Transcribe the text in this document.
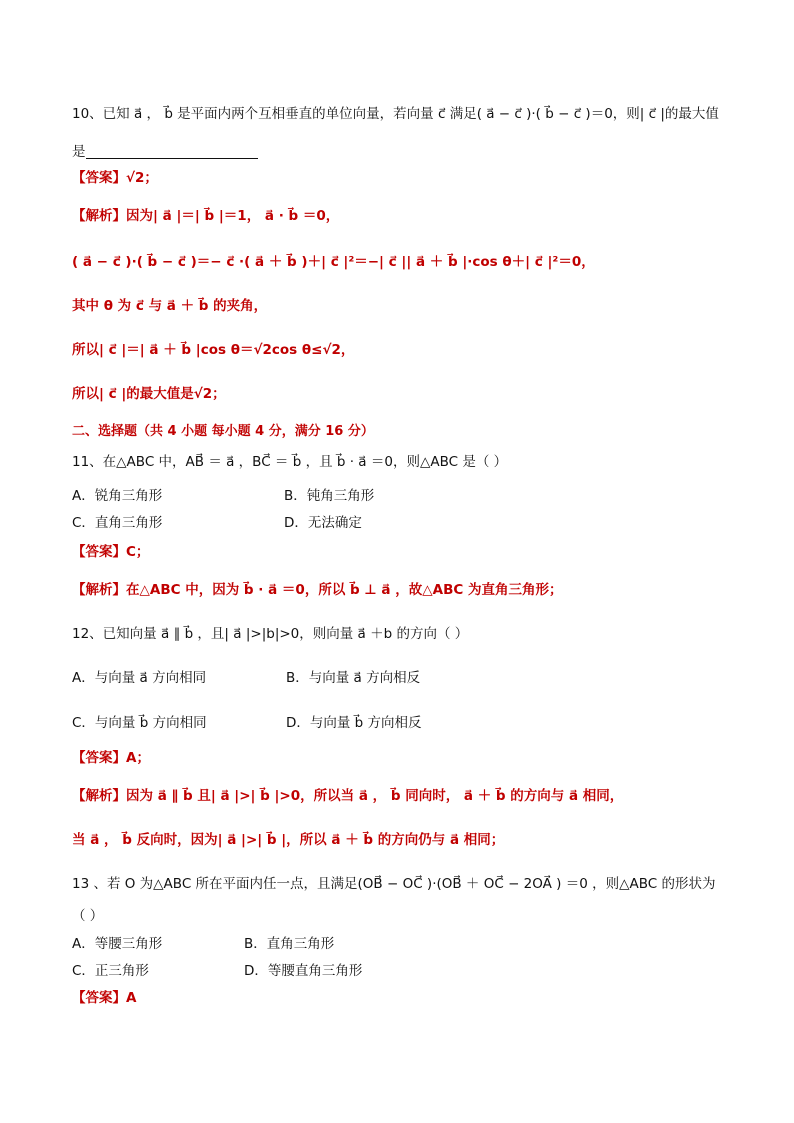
10、已知 a⃗ ， b⃗ 是平面内两个互相垂直的单位向量，若向量 c⃗ 满足( a⃗ − c⃗ )·( b⃗ − c⃗ )＝0，则| c⃗ |的最大值
是
【答案】√2；
【解析】因为| a⃗ |＝| b⃗ |＝1， a⃗ · b⃗ ＝0，
( a⃗ − c⃗ )·( b⃗ − c⃗ )＝− c⃗ ·( a⃗ ＋ b⃗ )＋| c⃗ |²＝−| c⃗ || a⃗ ＋ b⃗ |·cos θ＋| c⃗ |²＝0，
其中 θ 为 c⃗ 与 a⃗ ＋ b⃗ 的夹角，
所以| c⃗ |＝| a⃗ ＋ b⃗ |cos θ＝√2cos θ≤√2，
所以| c⃗ |的最大值是√2；
二、选择题（共 4 小题 每小题 4 分，满分 16 分）
11、在△ABC 中，AB⃗ ＝ a⃗ ，BC⃗ ＝ b⃗ ，且 b⃗ · a⃗ ＝0，则△ABC 是（ ）
A．锐角三角形	B．钝角三角形
C．直角三角形	D．无法确定
【答案】C；
【解析】在△ABC 中，因为 b⃗ · a⃗ ＝0，所以 b⃗ ⊥ a⃗ ，故△ABC 为直角三角形；
12、已知向量 a⃗ ∥ b⃗ ，且| a⃗ |>|b|>0，则向量 a⃗ ＋b 的方向（ ）
A．与向量 a⃗ 方向相同	B．与向量 a⃗ 方向相反
C．与向量 b⃗ 方向相同	D．与向量 b⃗ 方向相反
【答案】A；
【解析】因为 a⃗ ∥ b⃗ 且| a⃗ |>| b⃗ |>0，所以当 a⃗ ， b⃗ 同向时， a⃗ ＋ b⃗ 的方向与 a⃗ 相同，
当 a⃗ ， b⃗ 反向时，因为| a⃗ |>| b⃗ |，所以 a⃗ ＋ b⃗ 的方向仍与 a⃗ 相同；
13 、若 O 为△ABC 所在平面内任一点，且满足(OB⃗ − OC⃗ )·(OB⃗ ＋ OC⃗ − 2OA⃗ ) ＝0 ，则△ABC 的形状为
（ ）
A．等腰三角形	B．直角三角形
C．正三角形	D．等腰直角三角形
【答案】A
